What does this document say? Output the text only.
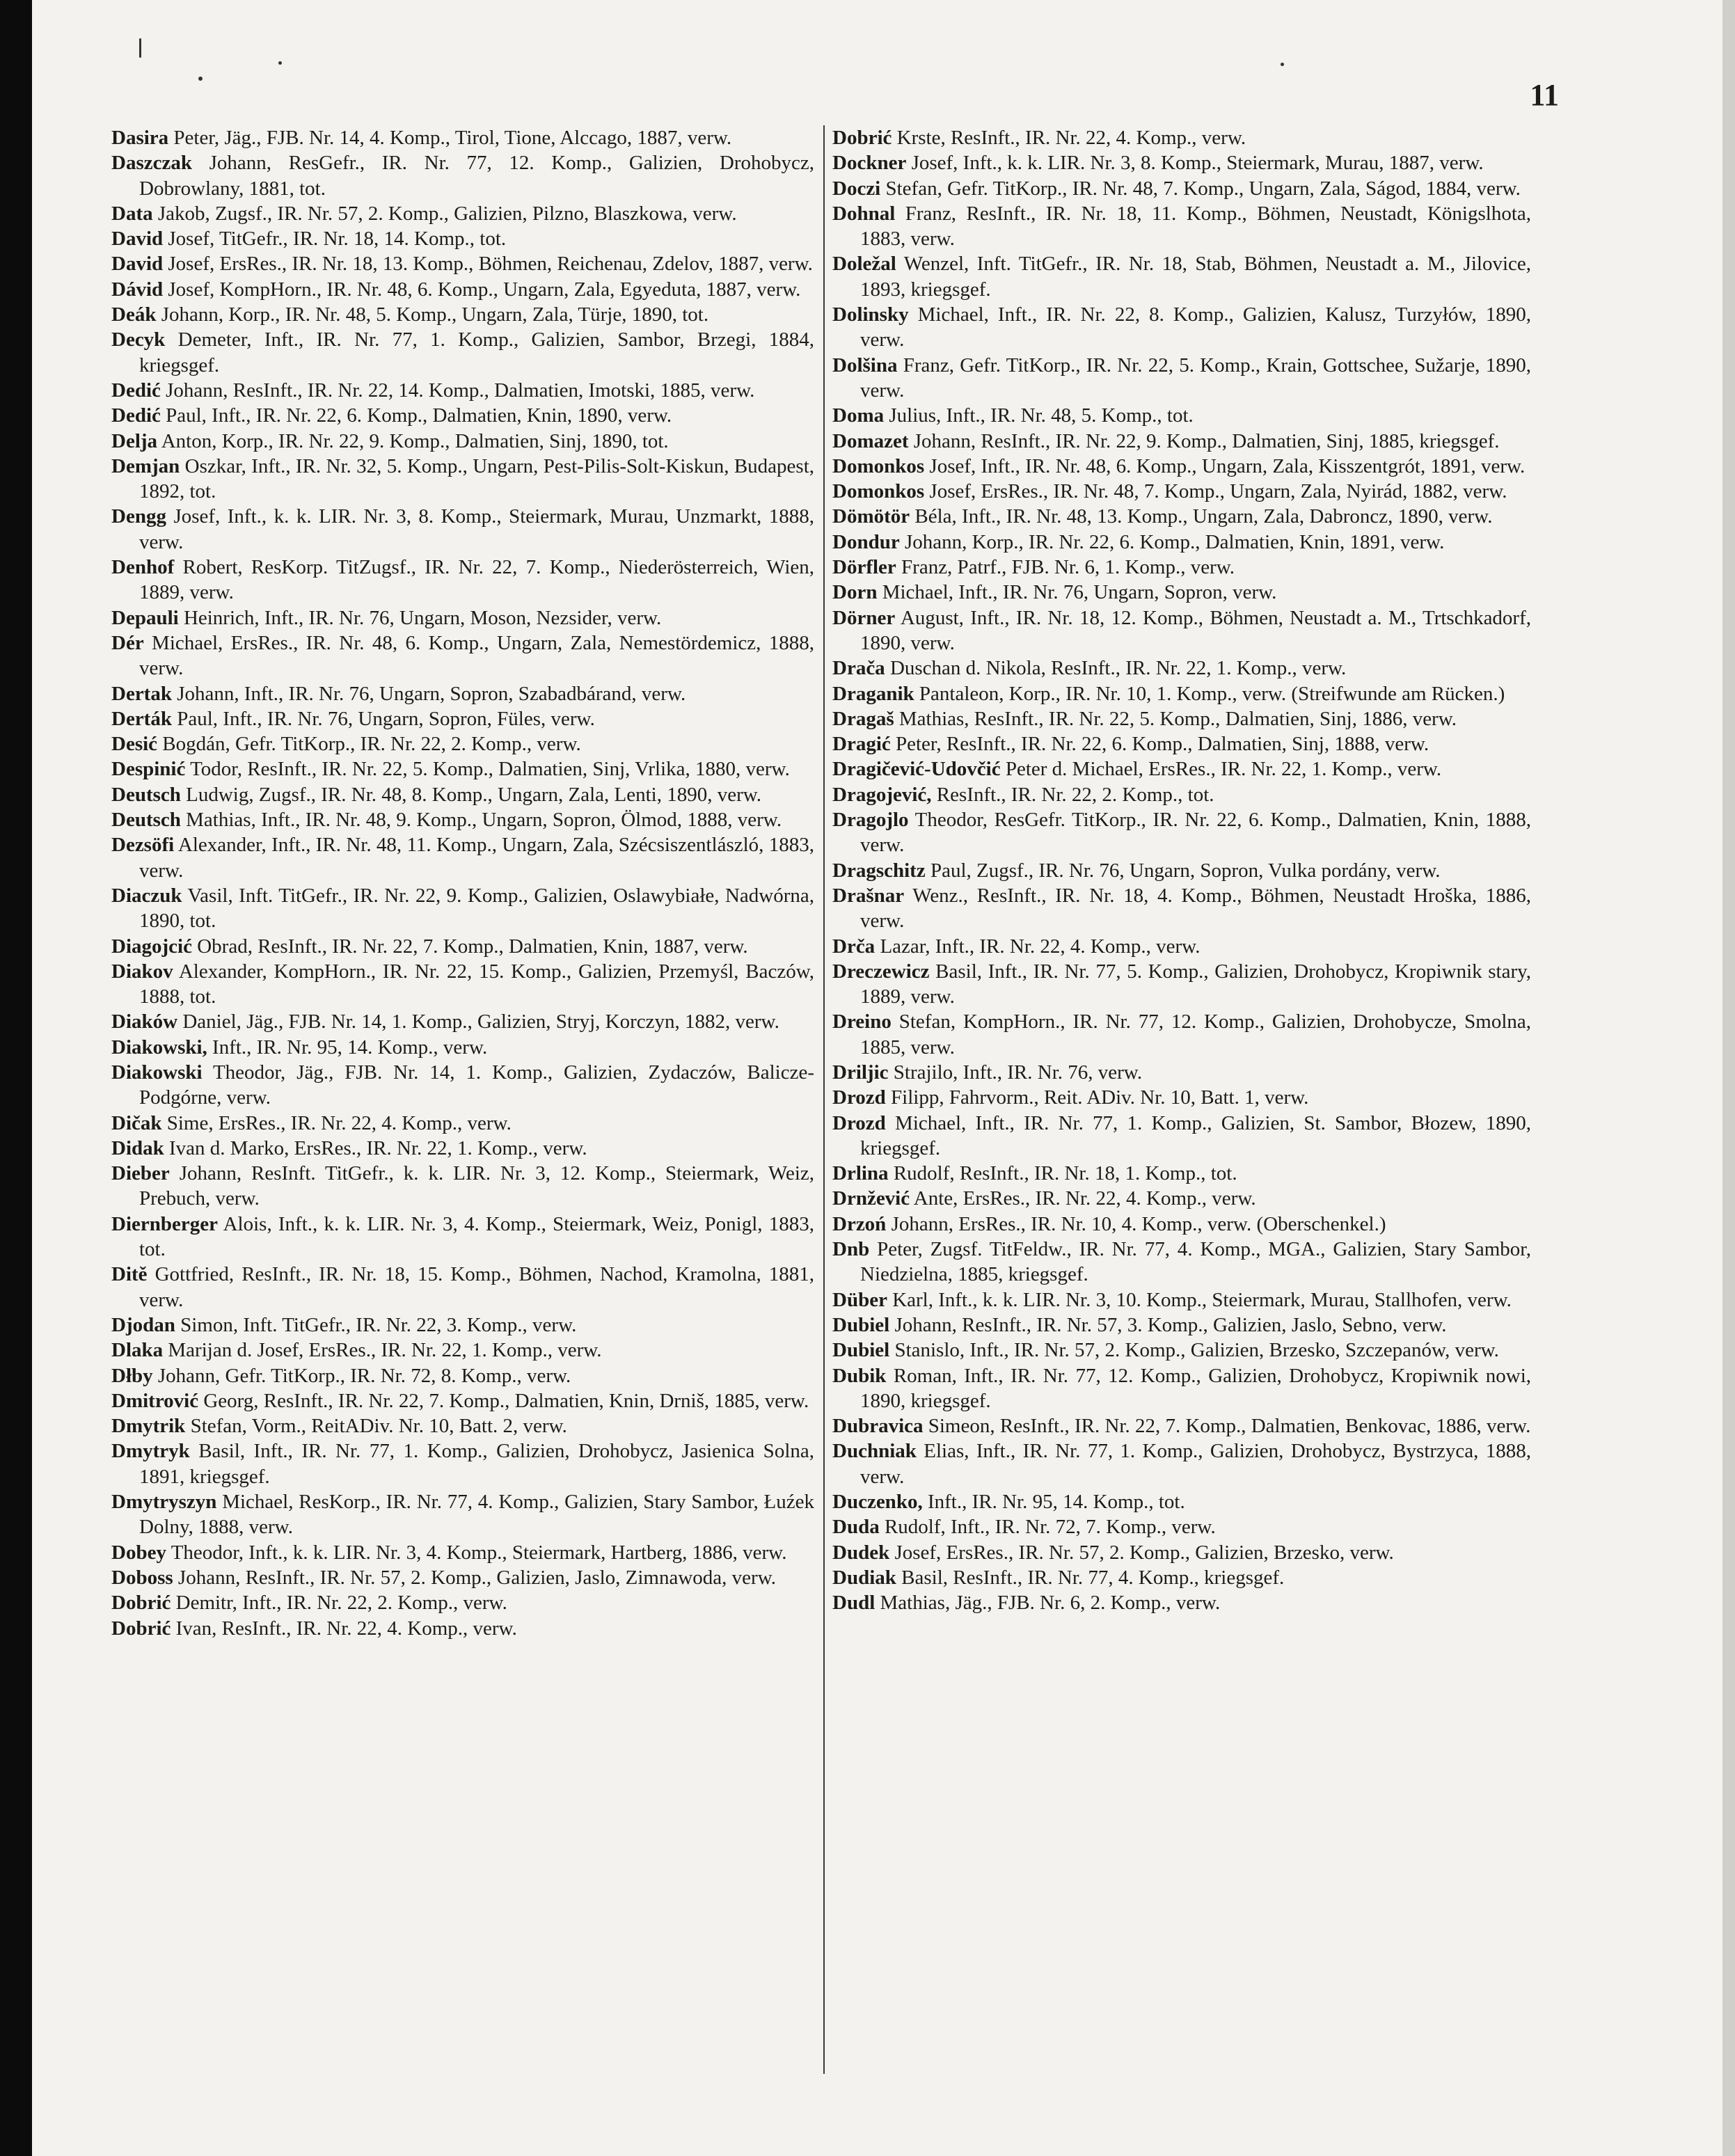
11

Dasira Peter, Jäg., FJB. Nr. 14, 4. Komp., Tirol, Tione, Alccago, 1887, verw.

Daszczak Johann, ResGefr., IR. Nr. 77, 12. Komp., Galizien, Drohobycz, Dobrowlany, 1881, tot.

Data Jakob, Zugsf., IR. Nr. 57, 2. Komp., Galizien, Pilzno, Blaszkowa, verw.

David Josef, TitGefr., IR. Nr. 18, 14. Komp., tot.

David Josef, ErsRes., IR. Nr. 18, 13. Komp., Böhmen, Reichenau, Zdelov, 1887, verw.

Dávid Josef, KompHorn., IR. Nr. 48, 6. Komp., Ungarn, Zala, Egyeduta, 1887, verw.

Deák Johann, Korp., IR. Nr. 48, 5. Komp., Ungarn, Zala, Türje, 1890, tot.

Decyk Demeter, Inft., IR. Nr. 77, 1. Komp., Galizien, Sambor, Brzegi, 1884, kriegsgef.

Dedić Johann, ResInft., IR. Nr. 22, 14. Komp., Dalmatien, Imotski, 1885, verw.

Dedić Paul, Inft., IR. Nr. 22, 6. Komp., Dalmatien, Knin, 1890, verw.

Delja Anton, Korp., IR. Nr. 22, 9. Komp., Dalmatien, Sinj, 1890, tot.

Demjan Oszkar, Inft., IR. Nr. 32, 5. Komp., Ungarn, Pest-Pilis-Solt-Kiskun, Budapest, 1892, tot.

Dengg Josef, Inft., k. k. LIR. Nr. 3, 8. Komp., Steiermark, Murau, Unzmarkt, 1888, verw.

Denhof Robert, ResKorp. TitZugsf., IR. Nr. 22, 7. Komp., Niederösterreich, Wien, 1889, verw.

Depauli Heinrich, Inft., IR. Nr. 76, Ungarn, Moson, Nezsider, verw.

Dér Michael, ErsRes., IR. Nr. 48, 6. Komp., Ungarn, Zala, Nemestördemicz, 1888, verw.

Dertak Johann, Inft., IR. Nr. 76, Ungarn, Sopron, Szabadbárand, verw.

Derták Paul, Inft., IR. Nr. 76, Ungarn, Sopron, Füles, verw.

Desić Bogdán, Gefr. TitKorp., IR. Nr. 22, 2. Komp., verw.

Despinić Todor, ResInft., IR. Nr. 22, 5. Komp., Dalmatien, Sinj, Vrlika, 1880, verw.

Deutsch Ludwig, Zugsf., IR. Nr. 48, 8. Komp., Ungarn, Zala, Lenti, 1890, verw.

Deutsch Mathias, Inft., IR. Nr. 48, 9. Komp., Ungarn, Sopron, Ölmod, 1888, verw.

Dezsöfi Alexander, Inft., IR. Nr. 48, 11. Komp., Ungarn, Zala, Szécsiszentlászló, 1883, verw.

Diaczuk Vasil, Inft. TitGefr., IR. Nr. 22, 9. Komp., Galizien, Oslawybiałe, Nadwórna, 1890, tot.

Diagojcić Obrad, ResInft., IR. Nr. 22, 7. Komp., Dalmatien, Knin, 1887, verw.

Diakov Alexander, KompHorn., IR. Nr. 22, 15. Komp., Galizien, Przemyśl, Baczów, 1888, tot.

Diaków Daniel, Jäg., FJB. Nr. 14, 1. Komp., Galizien, Stryj, Korczyn, 1882, verw.

Diakowski, Inft., IR. Nr. 95, 14. Komp., verw.

Diakowski Theodor, Jäg., FJB. Nr. 14, 1. Komp., Galizien, Zydaczów, Balicze-Podgórne, verw.

Dičak Sime, ErsRes., IR. Nr. 22, 4. Komp., verw.

Didak Ivan d. Marko, ErsRes., IR. Nr. 22, 1. Komp., verw.

Dieber Johann, ResInft. TitGefr., k. k. LIR. Nr. 3, 12. Komp., Steiermark, Weiz, Prebuch, verw.

Diernberger Alois, Inft., k. k. LIR. Nr. 3, 4. Komp., Steiermark, Weiz, Ponigl, 1883, tot.

Ditě Gottfried, ResInft., IR. Nr. 18, 15. Komp., Böhmen, Nachod, Kramolna, 1881, verw.

Djodan Simon, Inft. TitGefr., IR. Nr. 22, 3. Komp., verw.

Dlaka Marijan d. Josef, ErsRes., IR. Nr. 22, 1. Komp., verw.

Dłby Johann, Gefr. TitKorp., IR. Nr. 72, 8. Komp., verw.

Dmitrović Georg, ResInft., IR. Nr. 22, 7. Komp., Dalmatien, Knin, Drniš, 1885, verw.

Dmytrik Stefan, Vorm., ReitADiv. Nr. 10, Batt. 2, verw.

Dmytryk Basil, Inft., IR. Nr. 77, 1. Komp., Galizien, Drohobycz, Jasienica Solna, 1891, kriegsgef.

Dmytryszyn Michael, ResKorp., IR. Nr. 77, 4. Komp., Galizien, Stary Sambor, Łuźek Dolny, 1888, verw.

Dobey Theodor, Inft., k. k. LIR. Nr. 3, 4. Komp., Steiermark, Hartberg, 1886, verw.

Doboss Johann, ResInft., IR. Nr. 57, 2. Komp., Galizien, Jaslo, Zimnawoda, verw.

Dobrić Demitr, Inft., IR. Nr. 22, 2. Komp., verw.

Dobrić Ivan, ResInft., IR. Nr. 22, 4. Komp., verw.

Dobrić Krste, ResInft., IR. Nr. 22, 4. Komp., verw.

Dockner Josef, Inft., k. k. LIR. Nr. 3, 8. Komp., Steiermark, Murau, 1887, verw.

Doczi Stefan, Gefr. TitKorp., IR. Nr. 48, 7. Komp., Ungarn, Zala, Ságod, 1884, verw.

Dohnal Franz, ResInft., IR. Nr. 18, 11. Komp., Böhmen, Neustadt, Königslhota, 1883, verw.

Doležal Wenzel, Inft. TitGefr., IR. Nr. 18, Stab, Böhmen, Neustadt a. M., Jilovice, 1893, kriegsgef.

Dolinsky Michael, Inft., IR. Nr. 22, 8. Komp., Galizien, Kalusz, Turzyłów, 1890, verw.

Dolšina Franz, Gefr. TitKorp., IR. Nr. 22, 5. Komp., Krain, Gottschee, Sužarje, 1890, verw.

Doma Julius, Inft., IR. Nr. 48, 5. Komp., tot.

Domazet Johann, ResInft., IR. Nr. 22, 9. Komp., Dalmatien, Sinj, 1885, kriegsgef.

Domonkos Josef, Inft., IR. Nr. 48, 6. Komp., Ungarn, Zala, Kisszentgrót, 1891, verw.

Domonkos Josef, ErsRes., IR. Nr. 48, 7. Komp., Ungarn, Zala, Nyirád, 1882, verw.

Dömötör Béla, Inft., IR. Nr. 48, 13. Komp., Ungarn, Zala, Dabroncz, 1890, verw.

Dondur Johann, Korp., IR. Nr. 22, 6. Komp., Dalmatien, Knin, 1891, verw.

Dörfler Franz, Patrf., FJB. Nr. 6, 1. Komp., verw.

Dorn Michael, Inft., IR. Nr. 76, Ungarn, Sopron, verw.

Dörner August, Inft., IR. Nr. 18, 12. Komp., Böhmen, Neustadt a. M., Trtschkadorf, 1890, verw.

Drača Duschan d. Nikola, ResInft., IR. Nr. 22, 1. Komp., verw.

Draganik Pantaleon, Korp., IR. Nr. 10, 1. Komp., verw. (Streifwunde am Rücken.)

Dragaš Mathias, ResInft., IR. Nr. 22, 5. Komp., Dalmatien, Sinj, 1886, verw.

Dragić Peter, ResInft., IR. Nr. 22, 6. Komp., Dalmatien, Sinj, 1888, verw.

Dragičević-Udovčić Peter d. Michael, ErsRes., IR. Nr. 22, 1. Komp., verw.

Dragojević, ResInft., IR. Nr. 22, 2. Komp., tot.

Dragojlo Theodor, ResGefr. TitKorp., IR. Nr. 22, 6. Komp., Dalmatien, Knin, 1888, verw.

Dragschitz Paul, Zugsf., IR. Nr. 76, Ungarn, Sopron, Vulka pordány, verw.

Drašnar Wenz., ResInft., IR. Nr. 18, 4. Komp., Böhmen, Neustadt Hroška, 1886, verw.

Drča Lazar, Inft., IR. Nr. 22, 4. Komp., verw.

Dreczewicz Basil, Inft., IR. Nr. 77, 5. Komp., Galizien, Drohobycz, Kropiwnik stary, 1889, verw.

Dreino Stefan, KompHorn., IR. Nr. 77, 12. Komp., Galizien, Drohobycze, Smolna, 1885, verw.

Driljic Strajilo, Inft., IR. Nr. 76, verw.

Drozd Filipp, Fahrvorm., Reit. ADiv. Nr. 10, Batt. 1, verw.

Drozd Michael, Inft., IR. Nr. 77, 1. Komp., Galizien, St. Sambor, Błozew, 1890, kriegsgef.

Drlina Rudolf, ResInft., IR. Nr. 18, 1. Komp., tot.

Drnžević Ante, ErsRes., IR. Nr. 22, 4. Komp., verw.

Drzoń Johann, ErsRes., IR. Nr. 10, 4. Komp., verw. (Oberschenkel.)

Dnb Peter, Zugsf. TitFeldw., IR. Nr. 77, 4. Komp., MGA., Galizien, Stary Sambor, Niedzielna, 1885, kriegsgef.

Düber Karl, Inft., k. k. LIR. Nr. 3, 10. Komp., Steiermark, Murau, Stallhofen, verw.

Dubiel Johann, ResInft., IR. Nr. 57, 3. Komp., Galizien, Jaslo, Sebno, verw.

Dubiel Stanislo, Inft., IR. Nr. 57, 2. Komp., Galizien, Brzesko, Szczepanów, verw.

Dubik Roman, Inft., IR. Nr. 77, 12. Komp., Galizien, Drohobycz, Kropiwnik nowi, 1890, kriegsgef.

Dubravica Simeon, ResInft., IR. Nr. 22, 7. Komp., Dalmatien, Benkovac, 1886, verw.

Duchniak Elias, Inft., IR. Nr. 77, 1. Komp., Galizien, Drohobycz, Bystrzyca, 1888, verw.

Duczenko, Inft., IR. Nr. 95, 14. Komp., tot.

Duda Rudolf, Inft., IR. Nr. 72, 7. Komp., verw.

Dudek Josef, ErsRes., IR. Nr. 57, 2. Komp., Galizien, Brzesko, verw.

Dudiak Basil, ResInft., IR. Nr. 77, 4. Komp., kriegsgef.

Dudl Mathias, Jäg., FJB. Nr. 6, 2. Komp., verw.
